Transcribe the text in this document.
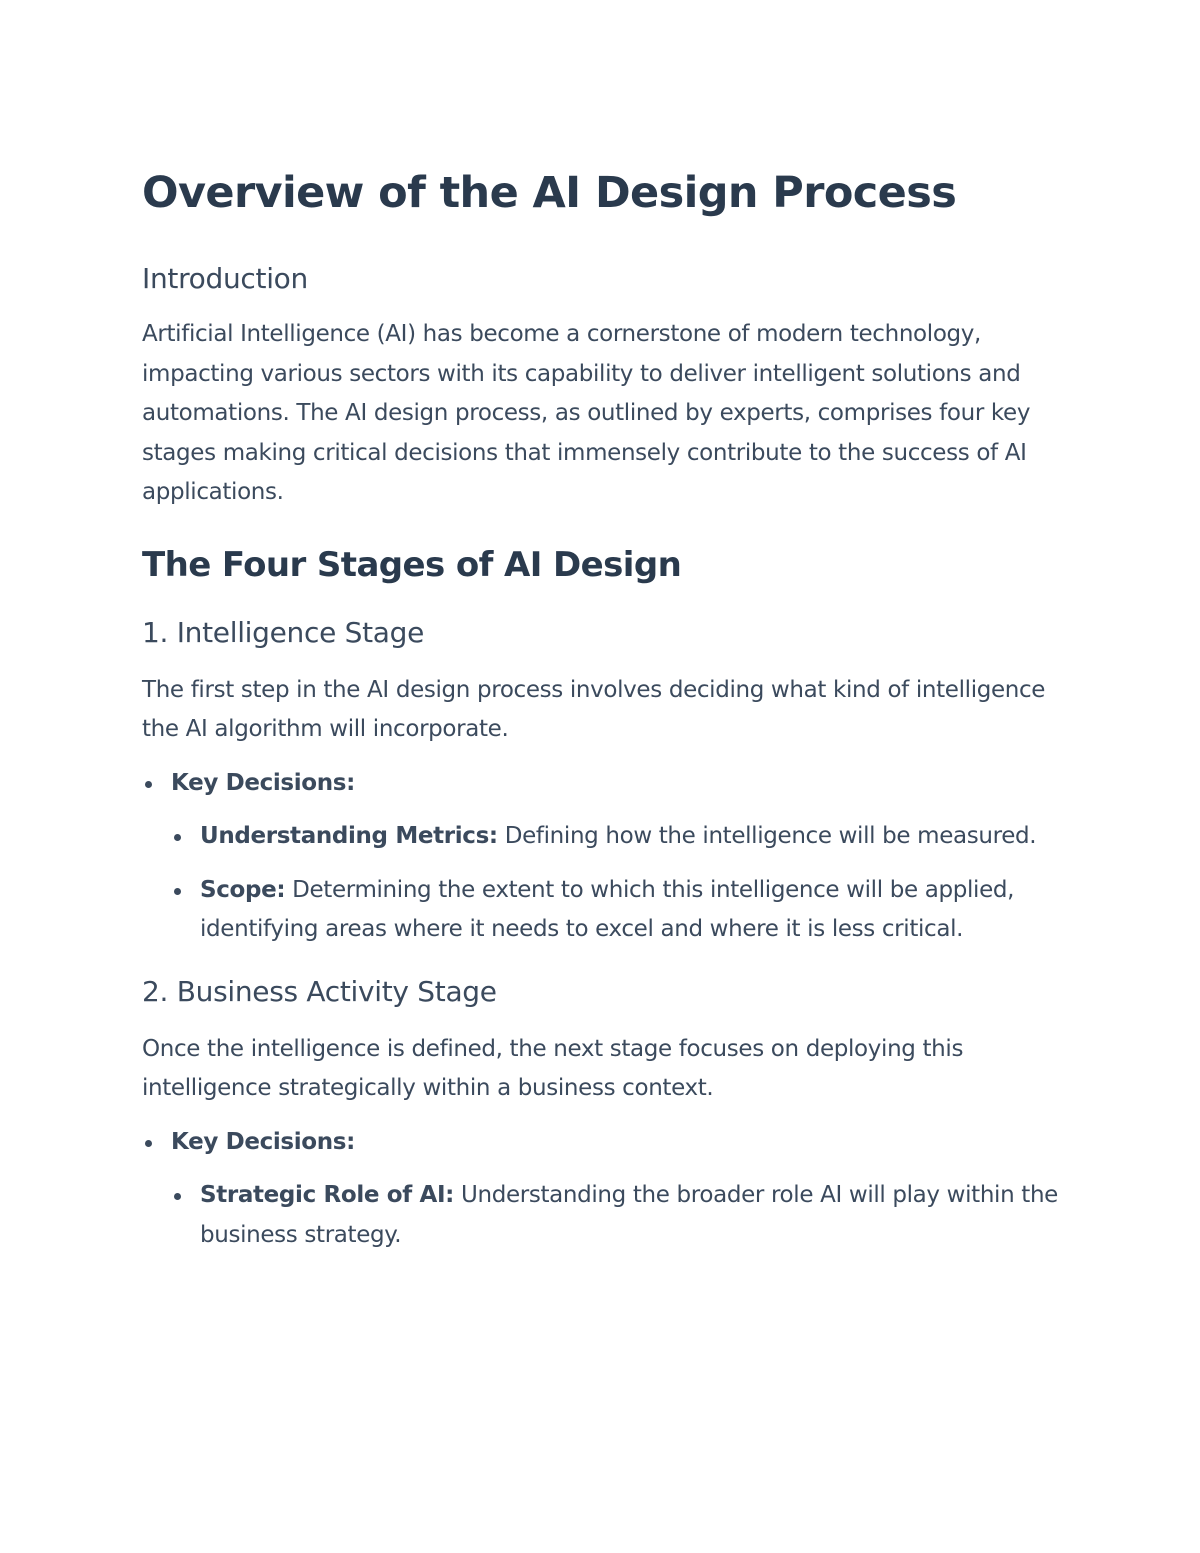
Overview of the AI Design Process
Introduction

Artificial Intelligence (AI) has become a cornerstone of modern technology, impacting various sectors with its capability to deliver intelligent solutions and automations. The AI design process, as outlined by experts, comprises four key stages making critical decisions that immensely contribute to the success of AI applications.

The Four Stages of AI Design
1. Intelligence Stage

The first step in the AI design process involves deciding what kind of intelligence the AI algorithm will incorporate.

Key Decisions:
Understanding Metrics: Defining how the intelligence will be measured.
Scope: Determining the extent to which this intelligence will be applied, identifying areas where it needs to excel and where it is less critical.
2. Business Activity Stage

Once the intelligence is defined, the next stage focuses on deploying this intelligence strategically within a business context.

Key Decisions:
Strategic Role of AI: Understanding the broader role AI will play within the business strategy.
